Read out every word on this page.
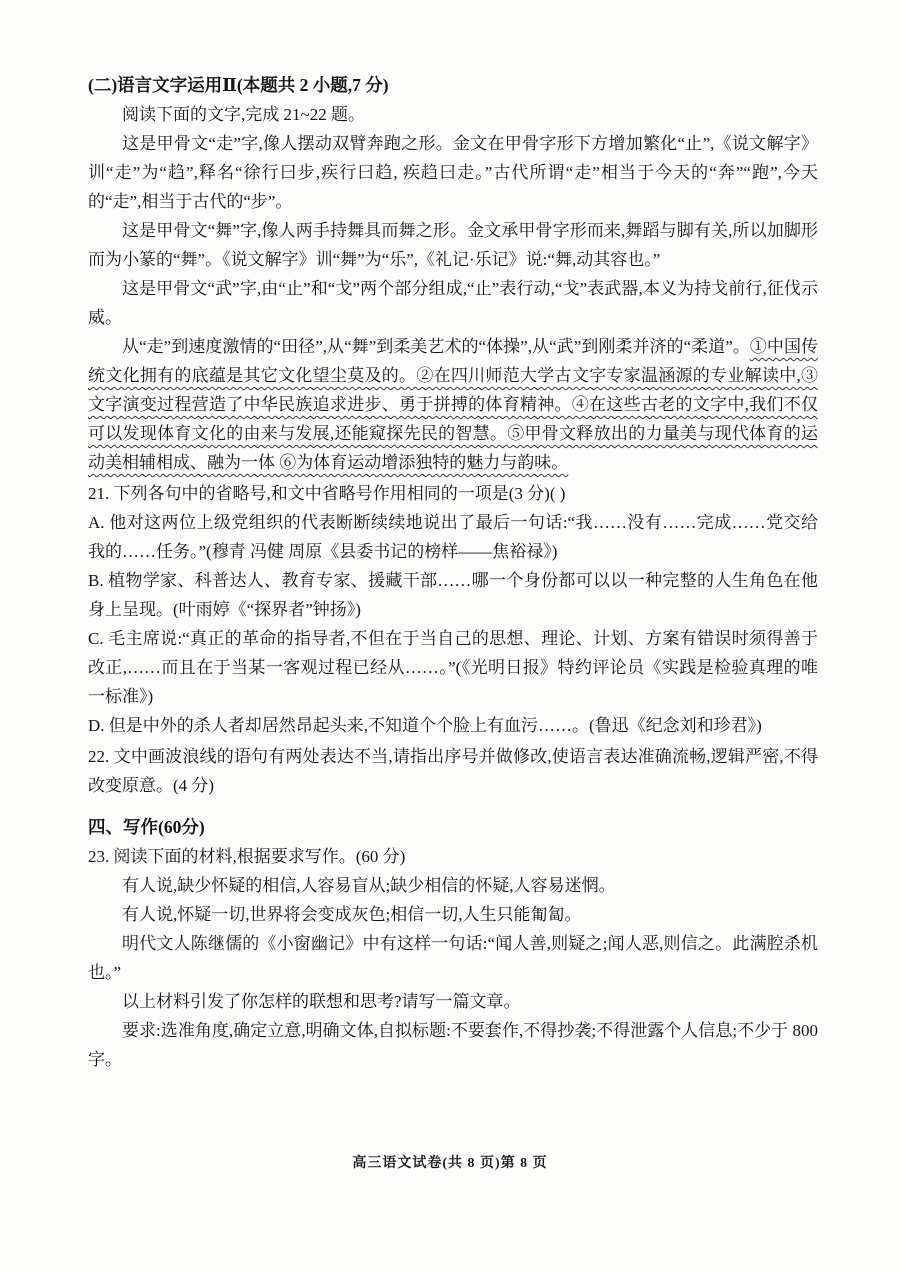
(二)语言文字运用Ⅱ(本题共 2 小题,7 分)

阅读下面的文字,完成 21~22 题。

这是甲骨文“走”字,像人摆动双臂奔跑之形。金文在甲骨字形下方增加繁化“止”,《说文解字》训“走”为“趋”,释名“徐行曰步,疾行曰趋, 疾趋曰走。”古代所谓“走”相当于今天的“奔”“跑”,今天的“走”,相当于古代的“步”。

这是甲骨文“舞”字,像人两手持舞具而舞之形。金文承甲骨字形而来,舞蹈与脚有关,所以加脚形而为小篆的“舞”。《说文解字》训“舞”为“乐”,《礼记·乐记》说:“舞,动其容也。”

这是甲骨文“武”字,由“止”和“戈”两个部分组成,“止”表行动,“戈”表武器,本义为持戈前行,征伐示威。

从“走”到速度激情的“田径”,从“舞”到柔美艺术的“体操”,从“武”到刚柔并济的“柔道”。①中国传统文化拥有的底蕴是其它文化望尘莫及的。②在四川师范大学古文字专家温涵源的专业解读中,③文字演变过程营造了中华民族追求进步、勇于拼搏的体育精神。④在这些古老的文字中,我们不仅可以发现体育文化的由来与发展,还能窥探先民的智慧。⑤甲骨文释放出的力量美与现代体育的运动美相辅相成、融为一体 ⑥为体育运动增添独特的魅力与韵味。

21. 下列各句中的省略号,和文中省略号作用相同的一项是(3 分)( )

A. 他对这两位上级党组织的代表断断续续地说出了最后一句话:“我……没有……完成……党交给我的……任务。”(穆青 冯健 周原《县委书记的榜样——焦裕禄》)

B. 植物学家、科普达人、教育专家、援藏干部……哪一个身份都可以以一种完整的人生角色在他身上呈现。(叶雨婷《“探界者”钟扬》)

C. 毛主席说:“真正的革命的指导者,不但在于当自己的思想、理论、计划、方案有错误时须得善于改正,……而且在于当某一客观过程已经从……。”(《光明日报》特约评论员《实践是检验真理的唯一标准》)

D. 但是中外的杀人者却居然昂起头来,不知道个个脸上有血污……。(鲁迅《纪念刘和珍君》)

22. 文中画波浪线的语句有两处表达不当,请指出序号并做修改,使语言表达准确流畅,逻辑严密,不得改变原意。(4 分)

四、写作(60分)

23. 阅读下面的材料,根据要求写作。(60 分)

有人说,缺少怀疑的相信,人容易盲从;缺少相信的怀疑,人容易迷惘。

有人说,怀疑一切,世界将会变成灰色;相信一切,人生只能匍匐。

明代文人陈继儒的《小窗幽记》中有这样一句话:“闻人善,则疑之;闻人恶,则信之。此满腔杀机也。”

以上材料引发了你怎样的联想和思考?请写一篇文章。

要求:选准角度,确定立意,明确文体,自拟标题:不要套作,不得抄袭;不得泄露个人信息;不少于 800 字。

高三语文试卷(共 8 页)第 8 页
